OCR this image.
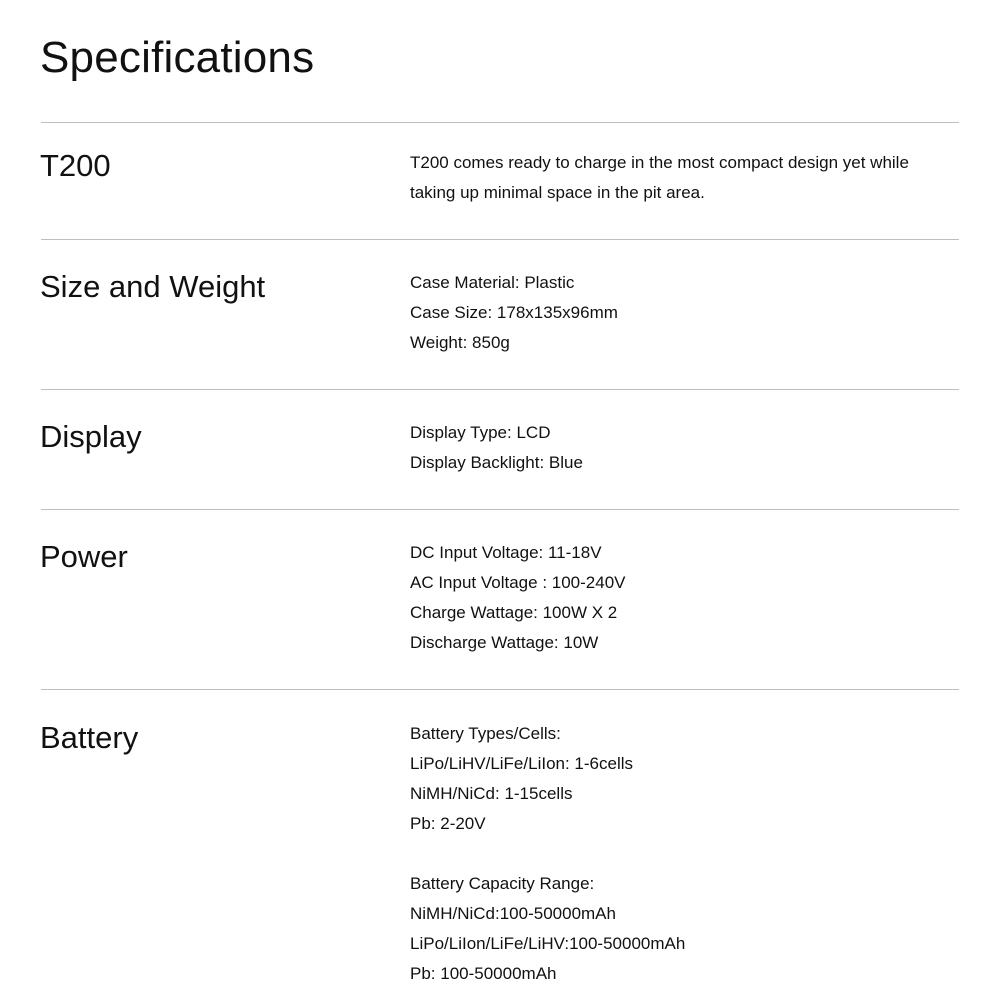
Specifications
T200	T200 comes ready to charge in the most compact design yet while
taking up minimal space in the pit area.
Size and Weight	Case Material: Plastic
Case Size: 178x135x96mm
Weight: 850g
Display	Display Type: LCD
Display Backlight: Blue
Power	DC Input Voltage: 11-18V
AC Input Voltage : 100-240V
Charge Wattage: 100W X 2
Discharge Wattage: 10W
Battery	Battery Types/Cells:
LiPo/LiHV/LiFe/LiIon: 1-6cells
NiMH/NiCd: 1-15cells
Pb: 2-20V
Battery Capacity Range:
NiMH/NiCd:100-50000mAh
LiPo/LiIon/LiFe/LiHV:100-50000mAh
Pb: 100-50000mAh
